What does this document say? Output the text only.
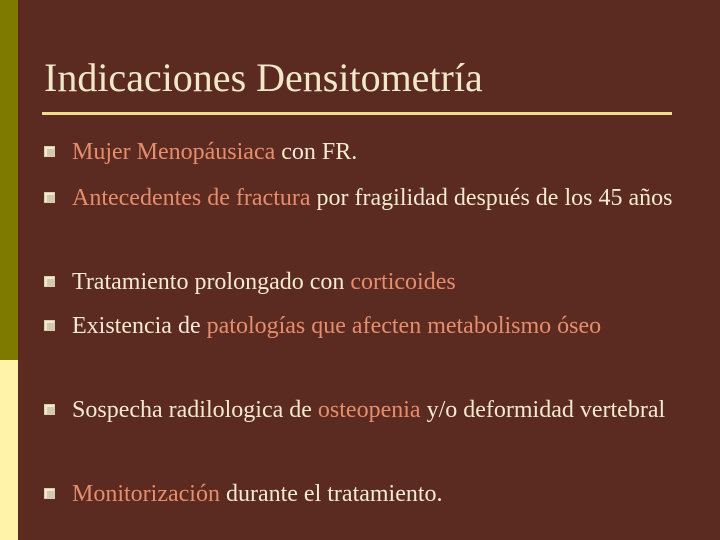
Indicaciones Densitometría
Mujer Menopáusiaca con FR.
Antecedentes de fractura por fragilidad después de los 45 años
Tratamiento prolongado con corticoides
Existencia de patologías que afecten metabolismo óseo
Sospecha radilologica de osteopenia y/o deformidad vertebral
Monitorización durante el tratamiento.
